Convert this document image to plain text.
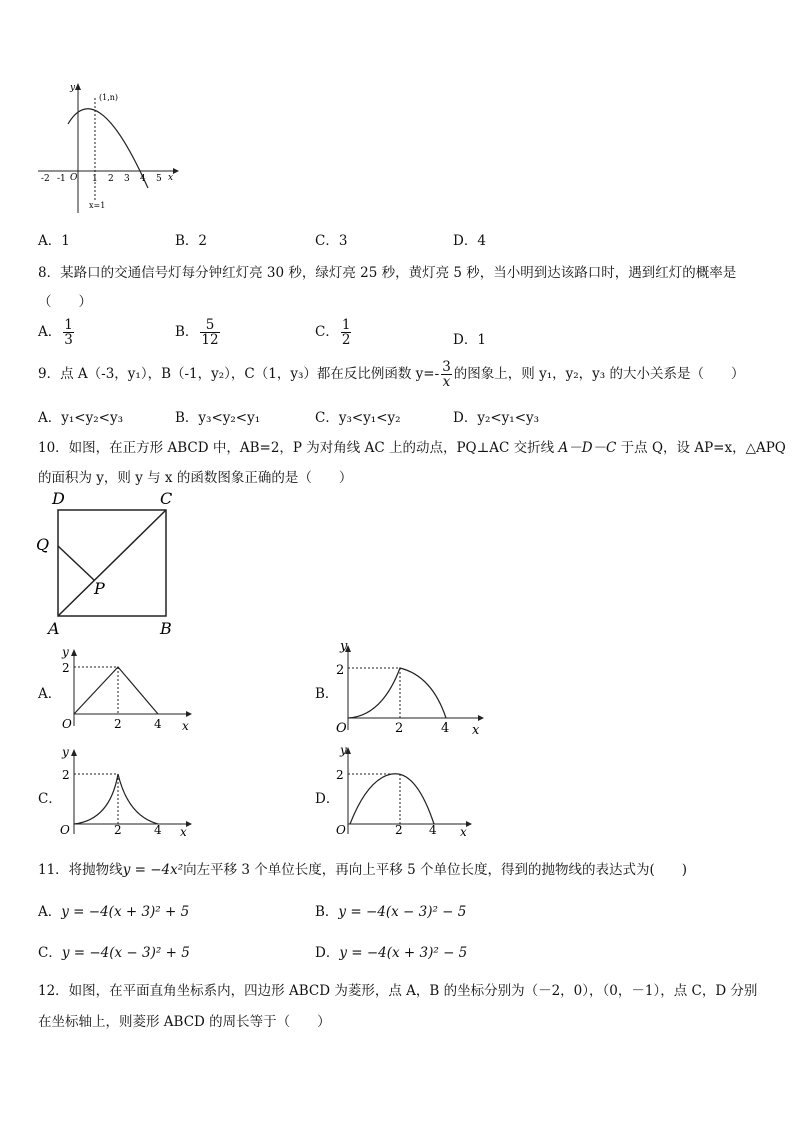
y
x
(1,n)
x=1
O
-2 -1	1 2 3 4 5
A．1	B．2	C．3	D．4
8．某路口的交通信号灯每分钟红灯亮 30 秒，绿灯亮 25 秒，黄灯亮 5 秒，当小明到达该路口时，遇到红灯的概率是
（　　）
A． $\frac{1}{3}$	B． $\frac{5}{12}$	C． $\frac{1}{2}$	D．1
9．点 A（-3，y₁），B（-1，y₂），C（1，y₃）都在反比例函数 $y=- \frac{3}{x}$ 的图象上，则 y₁，y₂，y₃ 的大小关系是（　　）
A．y₁<y₂<y₃	B．y₃<y₂<y₁	C．y₃<y₁<y₂	D．y₂<y₁<y₃
10．如图，在正方形 ABCD 中，AB=2，P 为对角线 AC 上的动点，PQ⊥AC 交折线 A－D－C 于点 Q，设 AP=x，△APQ
的面积为 y，则 y 与 x 的函数图象正确的是（　　）
D	C
Q
P
A	B
A．	B．
C．	D．
y
2
O	2	4 x
y
2
O	2	4 x
y
2
O	2	4 x
y
2
O	2 4 x
11．将抛物线y = −4x²向左平移 3 个单位长度，再向上平移 5 个单位长度，得到的抛物线的表达式为(　　)
A．y = −4(x + 3)² + 5	B．y = −4(x − 3)² − 5
C．y = −4(x − 3)² + 5	D．y = −4(x + 3)² − 5
12．如图，在平面直角坐标系内，四边形 ABCD 为菱形，点 A，B 的坐标分别为（－2，0），（0，－1），点 C，D 分别
在坐标轴上，则菱形 ABCD 的周长等于（　　）
